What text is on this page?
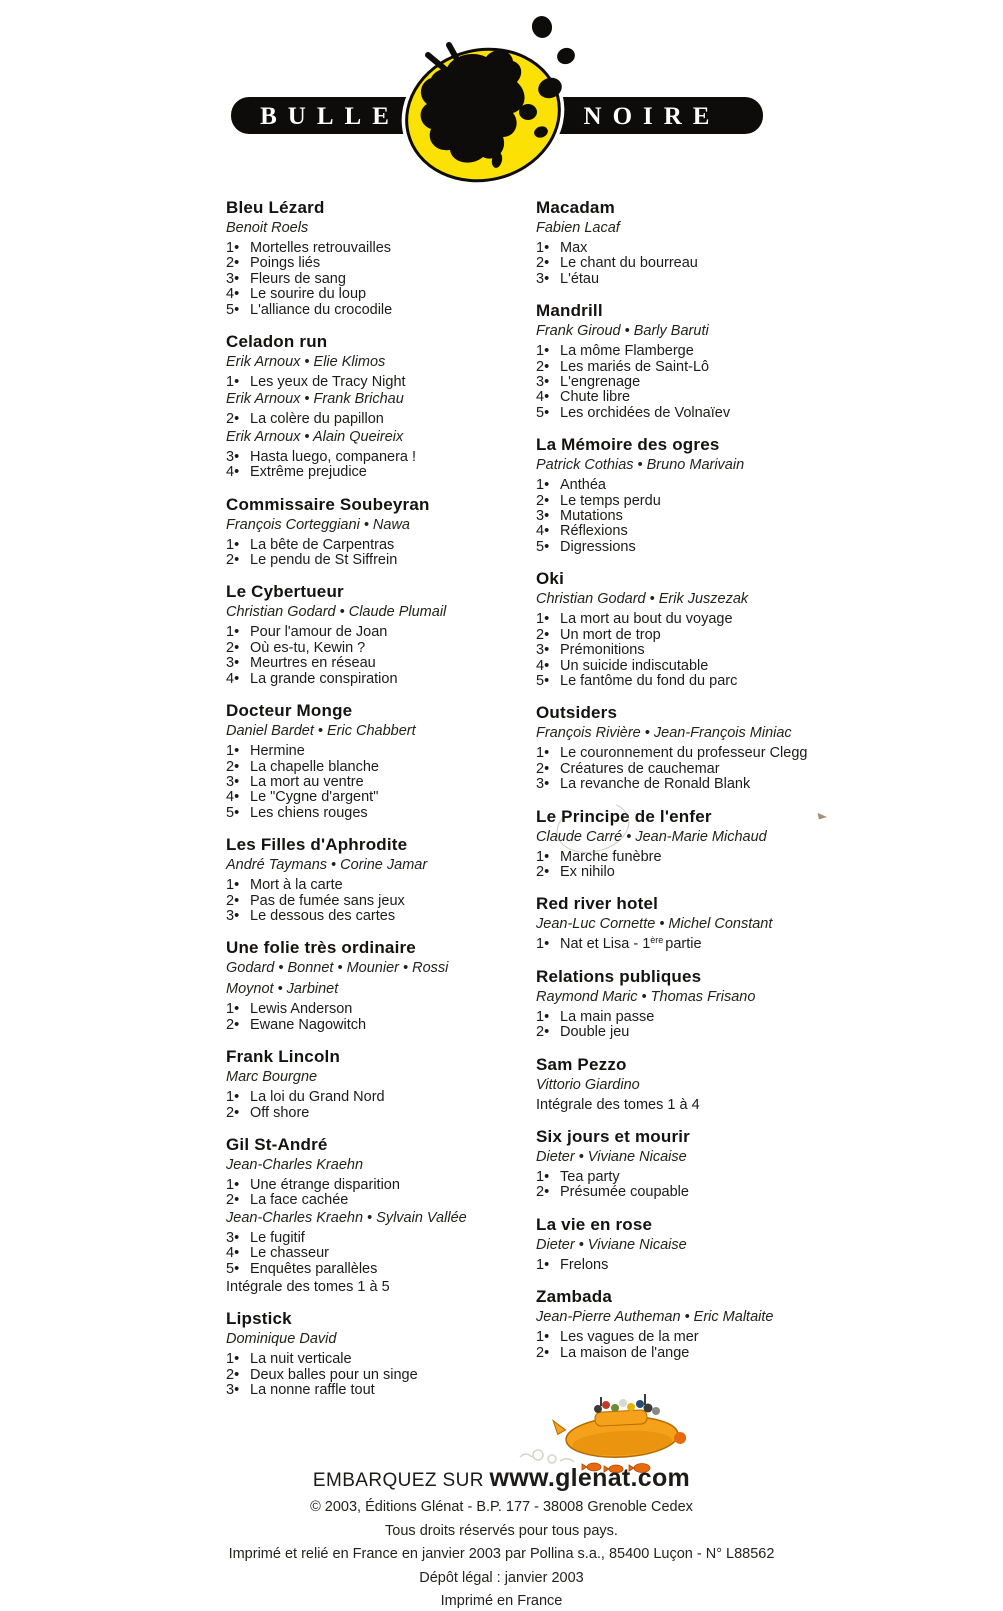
BULLE	NOIRE
Bleu Lézard
Benoit Roels
1• Mortelles retrouvailles
2• Poings liés
3• Fleurs de sang
4• Le sourire du loup
5• L'alliance du crocodile
Celadon run
Erik Arnoux • Elie Klimos
1• Les yeux de Tracy Night
Erik Arnoux • Frank Brichau
2• La colère du papillon
Erik Arnoux • Alain Queireix
3• Hasta luego, companera !
4• Extrême prejudice
Commissaire Soubeyran
François Corteggiani • Nawa
1• La bête de Carpentras
2• Le pendu de St Siffrein
Le Cybertueur
Christian Godard • Claude Plumail
1• Pour l'amour de Joan
2• Où es-tu, Kewin ?
3• Meurtres en réseau
4• La grande conspiration
Docteur Monge
Daniel Bardet • Eric Chabbert
1• Hermine
2• La chapelle blanche
3• La mort au ventre
4• Le "Cygne d'argent"
5• Les chiens rouges
Les Filles d'Aphrodite
André Taymans • Corine Jamar
1• Mort à la carte
2• Pas de fumée sans jeux
3• Le dessous des cartes
Une folie très ordinaire
Godard • Bonnet • Mounier • Rossi
Moynot • Jarbinet
1• Lewis Anderson
2• Ewane Nagowitch
Frank Lincoln
Marc Bourgne
1• La loi du Grand Nord
2• Off shore
Gil St-André
Jean-Charles Kraehn
1• Une étrange disparition
2• La face cachée
Jean-Charles Kraehn • Sylvain Vallée
3• Le fugitif
4• Le chasseur
5• Enquêtes parallèles
Intégrale des tomes 1 à 5
Lipstick
Dominique David
1• La nuit verticale
2• Deux balles pour un singe
3• La nonne raffle tout
Macadam
Fabien Lacaf
1• Max
2• Le chant du bourreau
3• L'étau
Mandrill
Frank Giroud • Barly Baruti
1• La môme Flamberge
2• Les mariés de Saint-Lô
3• L'engrenage
4• Chute libre
5• Les orchidées de Volnaïev
La Mémoire des ogres
Patrick Cothias • Bruno Marivain
1• Anthéa
2• Le temps perdu
3• Mutations
4• Réflexions
5• Digressions
Oki
Christian Godard • Erik Juszezak
1• La mort au bout du voyage
2• Un mort de trop
3• Prémonitions
4• Un suicide indiscutable
5• Le fantôme du fond du parc
Outsiders
François Rivière • Jean-François Miniac
1• Le couronnement du professeur Clegg
2• Créatures de cauchemar
3• La revanche de Ronald Blank
Le Principe de l'enfer
Claude Carré • Jean-Marie Michaud
1• Marche funèbre
2• Ex nihilo
Red river hotel
Jean-Luc Cornette • Michel Constant
1• Nat et Lisa - 1ère partie
Relations publiques
Raymond Maric • Thomas Frisano
1• La main passe
2• Double jeu
Sam Pezzo
Vittorio Giardino
Intégrale des tomes 1 à 4
Six jours et mourir
Dieter • Viviane Nicaise
1• Tea party
2• Présumée coupable
La vie en rose
Dieter • Viviane Nicaise
1• Frelons
Zambada
Jean-Pierre Autheman • Eric Maltaite
1• Les vagues de la mer
2• La maison de l'ange
EMBARQUEZ SUR www.glenat.com
© 2003, Éditions Glénat - B.P. 177 - 38008 Grenoble Cedex
Tous droits réservés pour tous pays.
Imprimé et relié en France en janvier 2003 par Pollina s.a., 85400 Luçon - N° L88562
Dépôt légal : janvier 2003
Imprimé en France
